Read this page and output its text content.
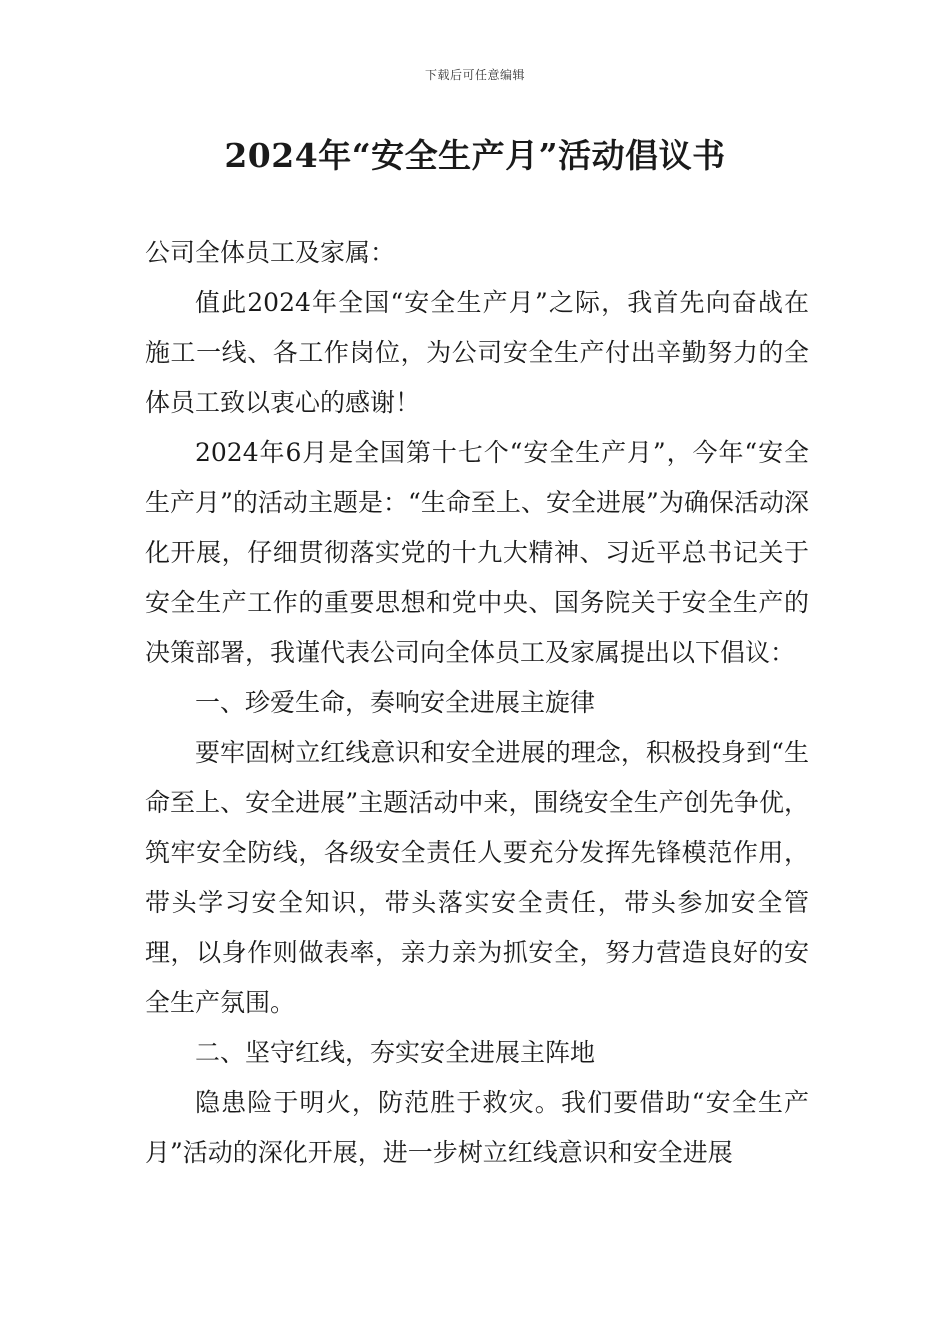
下载后可任意编辑
2024年“安全生产月”活动倡议书

公司全体员工及家属：

值此2024年全国“安全生产月”之际，我首先向奋战在施工一线、各工作岗位，为公司安全生产付出辛勤努力的全体员工致以衷心的感谢！

2024年6月是全国第十七个“安全生产月”，今年“安全生产月”的活动主题是：“生命至上、安全进展”为确保活动深化开展，仔细贯彻落实党的十九大精神、习近平总书记关于安全生产工作的重要思想和党中央、国务院关于安全生产的决策部署，我谨代表公司向全体员工及家属提出以下倡议：

一、珍爱生命，奏响安全进展主旋律

要牢固树立红线意识和安全进展的理念，积极投身到“生命至上、安全进展”主题活动中来，围绕安全生产创先争优，筑牢安全防线，各级安全责任人要充分发挥先锋模范作用，带头学习安全知识，带头落实安全责任，带头参加安全管理，以身作则做表率，亲力亲为抓安全，努力营造良好的安全生产氛围。

二、坚守红线，夯实安全进展主阵地

隐患险于明火，防范胜于救灾。我们要借助“安全生产月”活动的深化开展，进一步树立红线意识和安全进展
